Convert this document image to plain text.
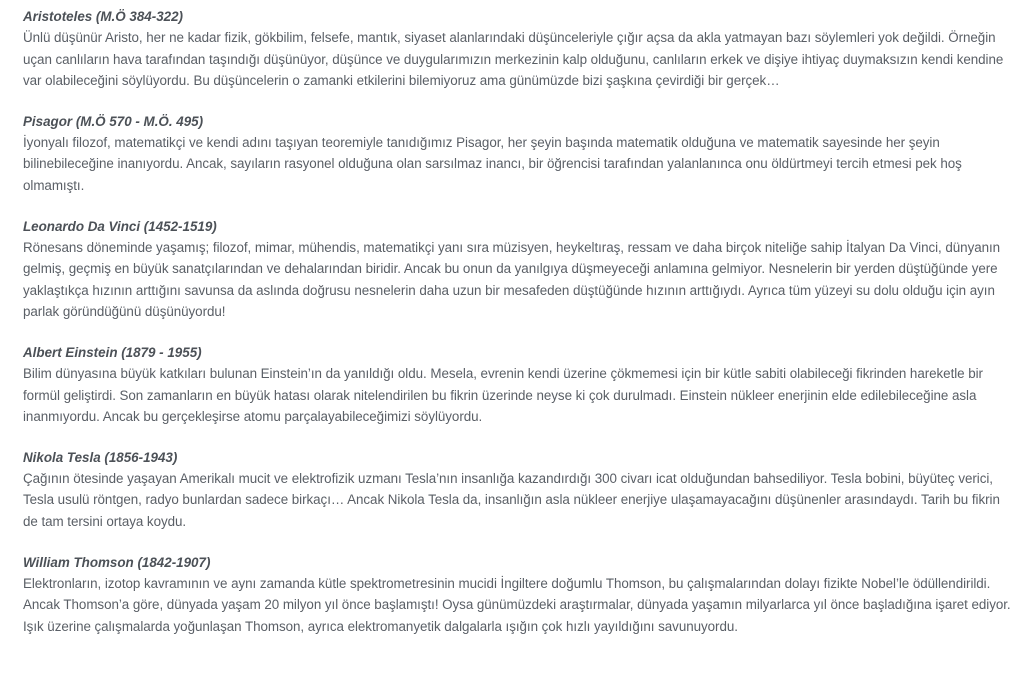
Aristoteles (M.Ö 384-322)

Ünlü düşünür Aristo, her ne kadar fizik, gökbilim, felsefe, mantık, siyaset alanlarındaki düşünceleriyle çığır açsa da akla yatmayan bazı söylemleri yok değildi. Örneğin uçan canlıların hava tarafından taşındığı düşünüyor, düşünce ve duygularımızın merkezinin kalp olduğunu, canlıların erkek ve dişiye ihtiyaç duymaksızın kendi kendine var olabileceğini söylüyordu. Bu düşüncelerin o zamanki etkilerini bilemiyoruz ama günümüzde bizi şaşkına çevirdiği bir gerçek…

Pisagor (M.Ö 570 - M.Ö. 495)

İyonyalı filozof, matematikçi ve kendi adını taşıyan teoremiyle tanıdığımız Pisagor, her şeyin başında matematik olduğuna ve matematik sayesinde her şeyin bilinebileceğine inanıyordu. Ancak, sayıların rasyonel olduğuna olan sarsılmaz inancı, bir öğrencisi tarafından yalanlanınca onu öldürtmeyi tercih etmesi pek hoş olmamıştı.

Leonardo Da Vinci (1452-1519)

Rönesans döneminde yaşamış; filozof, mimar, mühendis, matematikçi yanı sıra müzisyen, heykeltıraş, ressam ve daha birçok niteliğe sahip İtalyan Da Vinci, dünyanın gelmiş, geçmiş en büyük sanatçılarından ve dehalarından biridir. Ancak bu onun da yanılgıya düşmeyeceği anlamına gelmiyor. Nesnelerin bir yerden düştüğünde yere yaklaştıkça hızının arttığını savunsa da aslında doğrusu nesnelerin daha uzun bir mesafeden düştüğünde hızının arttığıydı. Ayrıca tüm yüzeyi su dolu olduğu için ayın parlak göründüğünü düşünüyordu!

Albert Einstein (1879 - 1955)

Bilim dünyasına büyük katkıları bulunan Einstein’ın da yanıldığı oldu. Mesela, evrenin kendi üzerine çökmemesi için bir kütle sabiti olabileceği fikrinden hareketle bir formül geliştirdi. Son zamanların en büyük hatası olarak nitelendirilen bu fikrin üzerinde neyse ki çok durulmadı. Einstein nükleer enerjinin elde edilebileceğine asla inanmıyordu. Ancak bu gerçekleşirse atomu parçalayabileceğimizi söylüyordu.

Nikola Tesla (1856-1943)

Çağının ötesinde yaşayan Amerikalı mucit ve elektrofizik uzmanı Tesla’nın insanlığa kazandırdığı 300 civarı icat olduğundan bahsediliyor. Tesla bobini, büyüteç verici, Tesla usulü röntgen, radyo bunlardan sadece birkaçı… Ancak Nikola Tesla da, insanlığın asla nükleer enerjiye ulaşamayacağını düşünenler arasındaydı. Tarih bu fikrin de tam tersini ortaya koydu.

William Thomson (1842-1907)

Elektronların, izotop kavramının ve aynı zamanda kütle spektrometresinin mucidi İngiltere doğumlu Thomson, bu çalışmalarından dolayı fizikte Nobel’le ödüllendirildi. Ancak Thomson’a göre, dünyada yaşam 20 milyon yıl önce başlamıştı! Oysa günümüzdeki araştırmalar, dünyada yaşamın milyarlarca yıl önce başladığına işaret ediyor. Işık üzerine çalışmalarda yoğunlaşan Thomson, ayrıca elektromanyetik dalgalarla ışığın çok hızlı yayıldığını savunuyordu.
